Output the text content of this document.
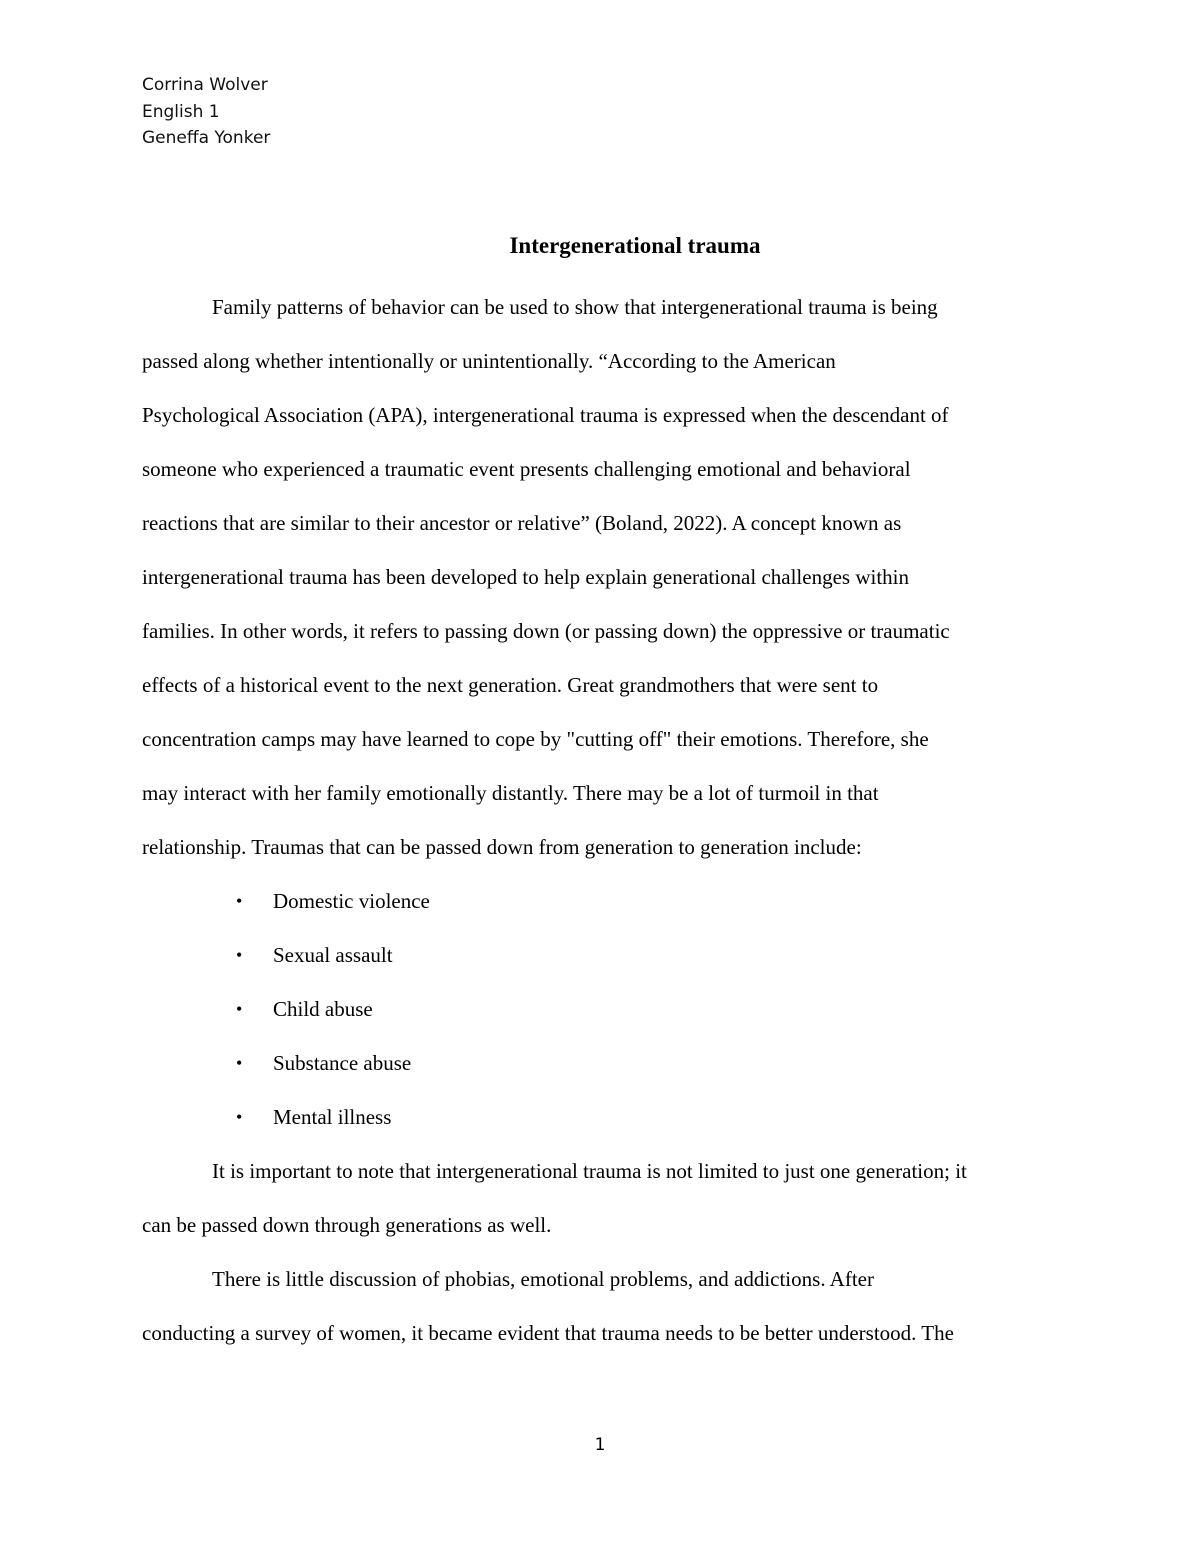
Corrina Wolver
English 1
Geneffa Yonker
Intergenerational trauma
Family patterns of behavior can be used to show that intergenerational trauma is being
passed along whether intentionally or unintentionally. “According to the American
Psychological Association (APA), intergenerational trauma is expressed when the descendant of
someone who experienced a traumatic event presents challenging emotional and behavioral
reactions that are similar to their ancestor or relative” (Boland, 2022). A concept known as
intergenerational trauma has been developed to help explain generational challenges within
families. In other words, it refers to passing down (or passing down) the oppressive or traumatic
effects of a historical event to the next generation. Great grandmothers that were sent to
concentration camps may have learned to cope by "cutting off" their emotions. Therefore, she
may interact with her family emotionally distantly. There may be a lot of turmoil in that
relationship. Traumas that can be passed down from generation to generation include:
• Domestic violence
• Sexual assault
• Child abuse
• Substance abuse
• Mental illness
It is important to note that intergenerational trauma is not limited to just one generation; it
can be passed down through generations as well.
There is little discussion of phobias, emotional problems, and addictions. After
conducting a survey of women, it became evident that trauma needs to be better understood. The
1
